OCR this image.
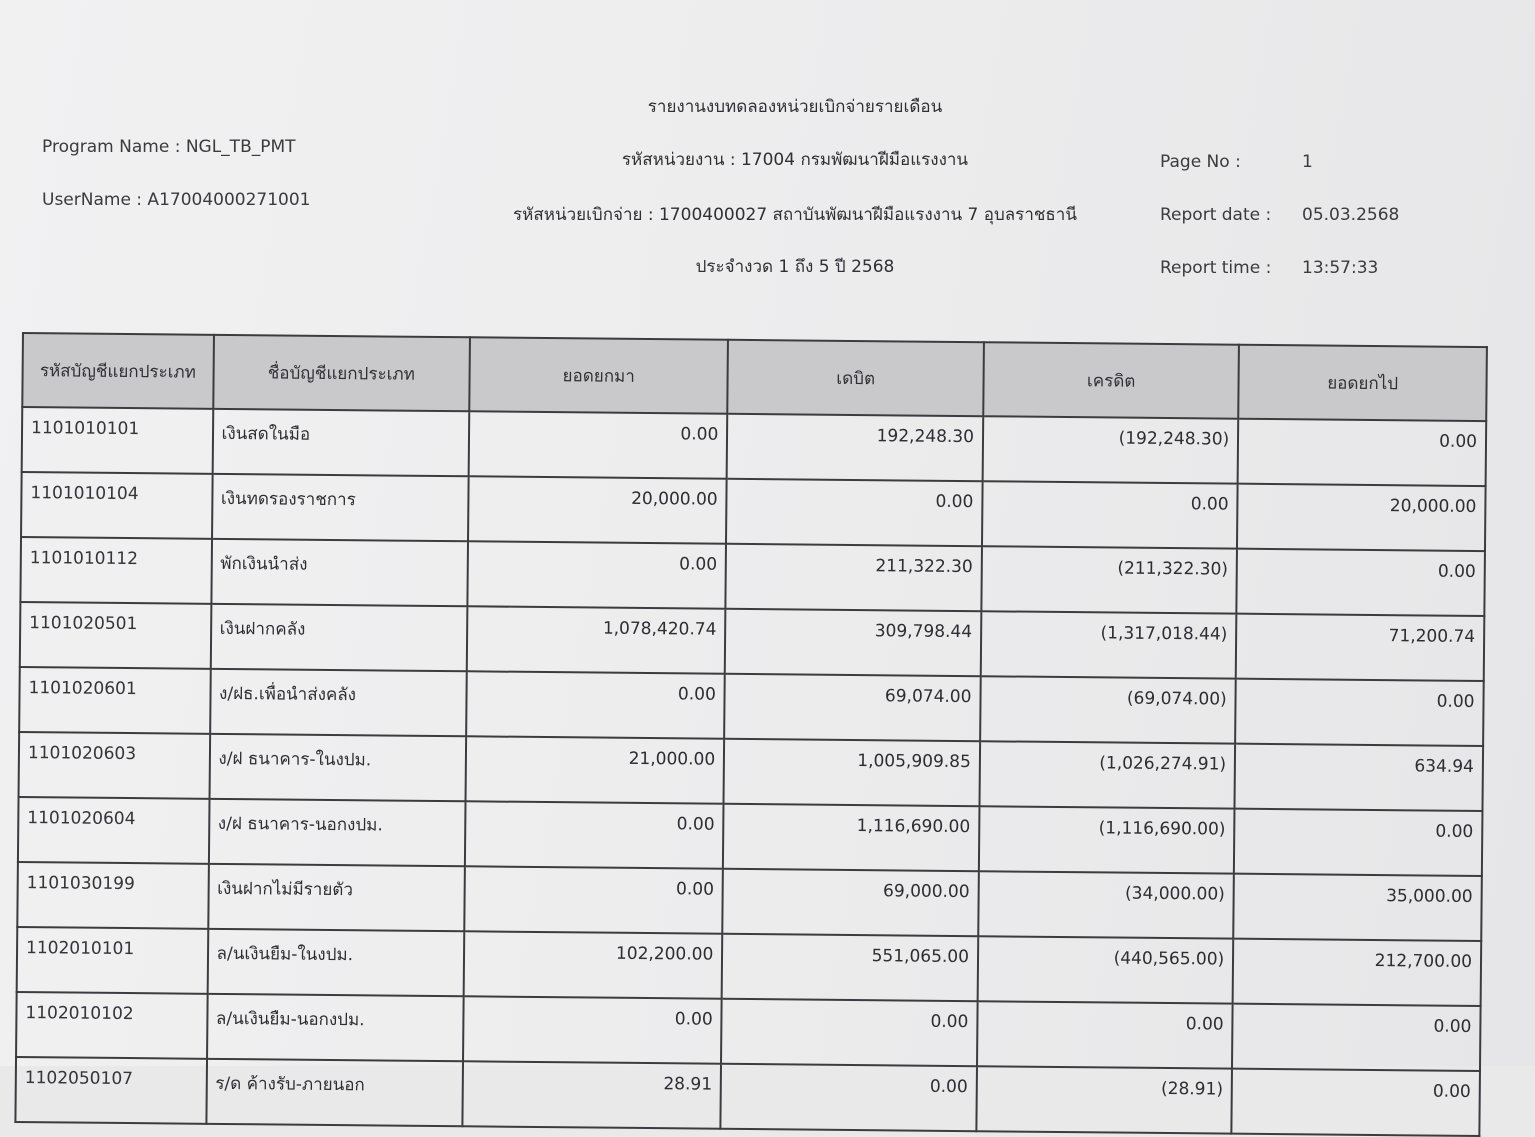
รายงานงบทดลองหน่วยเบิกจ่ายรายเดือน
รหัสหน่วยงาน : 17004 กรมพัฒนาฝีมือแรงงาน
รหัสหน่วยเบิกจ่าย : 1700400027 สถาบันพัฒนาฝีมือแรงงาน 7 อุบลราชธานี
ประจำงวด 1 ถึง 5 ปี 2568
Program Name : NGL_TB_PMT
UserName : A17004000271001
Page No :	1
Report date : 05.03.2568
Report time : 13:57:33
รหัสบัญชีแยกประเภท	ชื่อบัญชีแยกประเภท	ยอดยกมา	เดบิต	เครดิต	ยอดยกไป
1101010101	เงินสดในมือ	0.00	192,248.30	(192,248.30)	0.00
1101010104	เงินทดรองราชการ	20,000.00	0.00	0.00	20,000.00
1101010112	พักเงินนำส่ง	0.00	211,322.30	(211,322.30)	0.00
1101020501	เงินฝากคลัง	1,078,420.74	309,798.44	(1,317,018.44)	71,200.74
1101020601	ง/ฝธ.เพื่อนำส่งคลัง	0.00	69,074.00	(69,074.00)	0.00
1101020603	ง/ฝ ธนาคาร-ในงปม.	21,000.00	1,005,909.85	(1,026,274.91)	634.94
1101020604	ง/ฝ ธนาคาร-นอกงปม.	0.00	1,116,690.00	(1,116,690.00)	0.00
1101030199	เงินฝากไม่มีรายตัว	0.00	69,000.00	(34,000.00)	35,000.00
1102010101	ล/นเงินยืม-ในงปม.	102,200.00	551,065.00	(440,565.00)	212,700.00
1102010102	ล/นเงินยืม-นอกงปม.	0.00	0.00	0.00	0.00
1102050107	ร/ด ค้างรับ-ภายนอก	28.91	0.00	(28.91)	0.00
